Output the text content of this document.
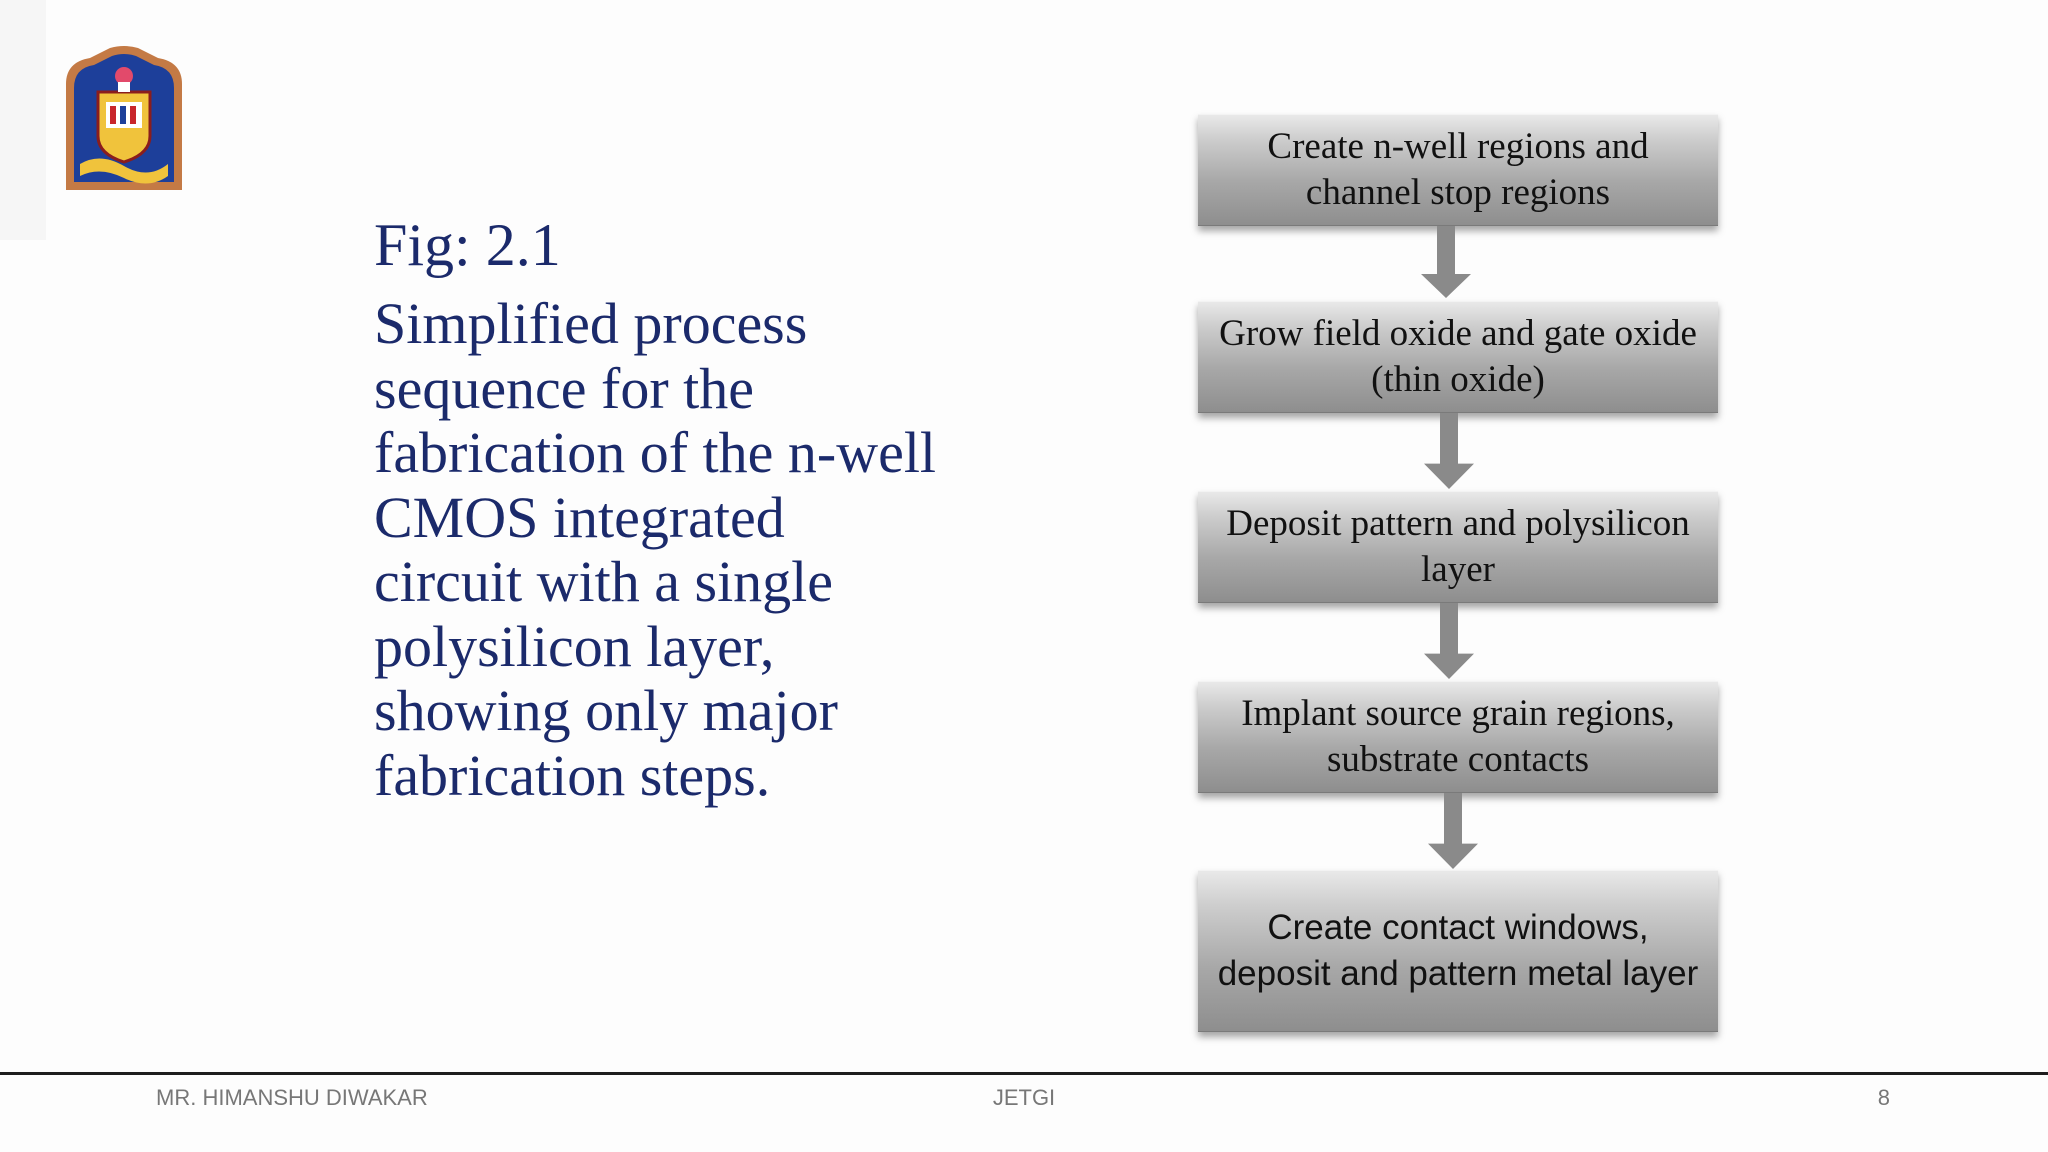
Fig: 2.1

Simplified process sequence for the fabrication of the n-well CMOS integrated circuit with a single polysilicon layer, showing only major fabrication steps.

Create n-well regions and channel stop regions
Grow field oxide and gate oxide (thin oxide)
Deposit pattern and polysilicon layer
Implant source grain regions, substrate contacts
Create contact windows, deposit and pattern metal layer
MR. HIMANSHU DIWAKAR	JETGI	8
